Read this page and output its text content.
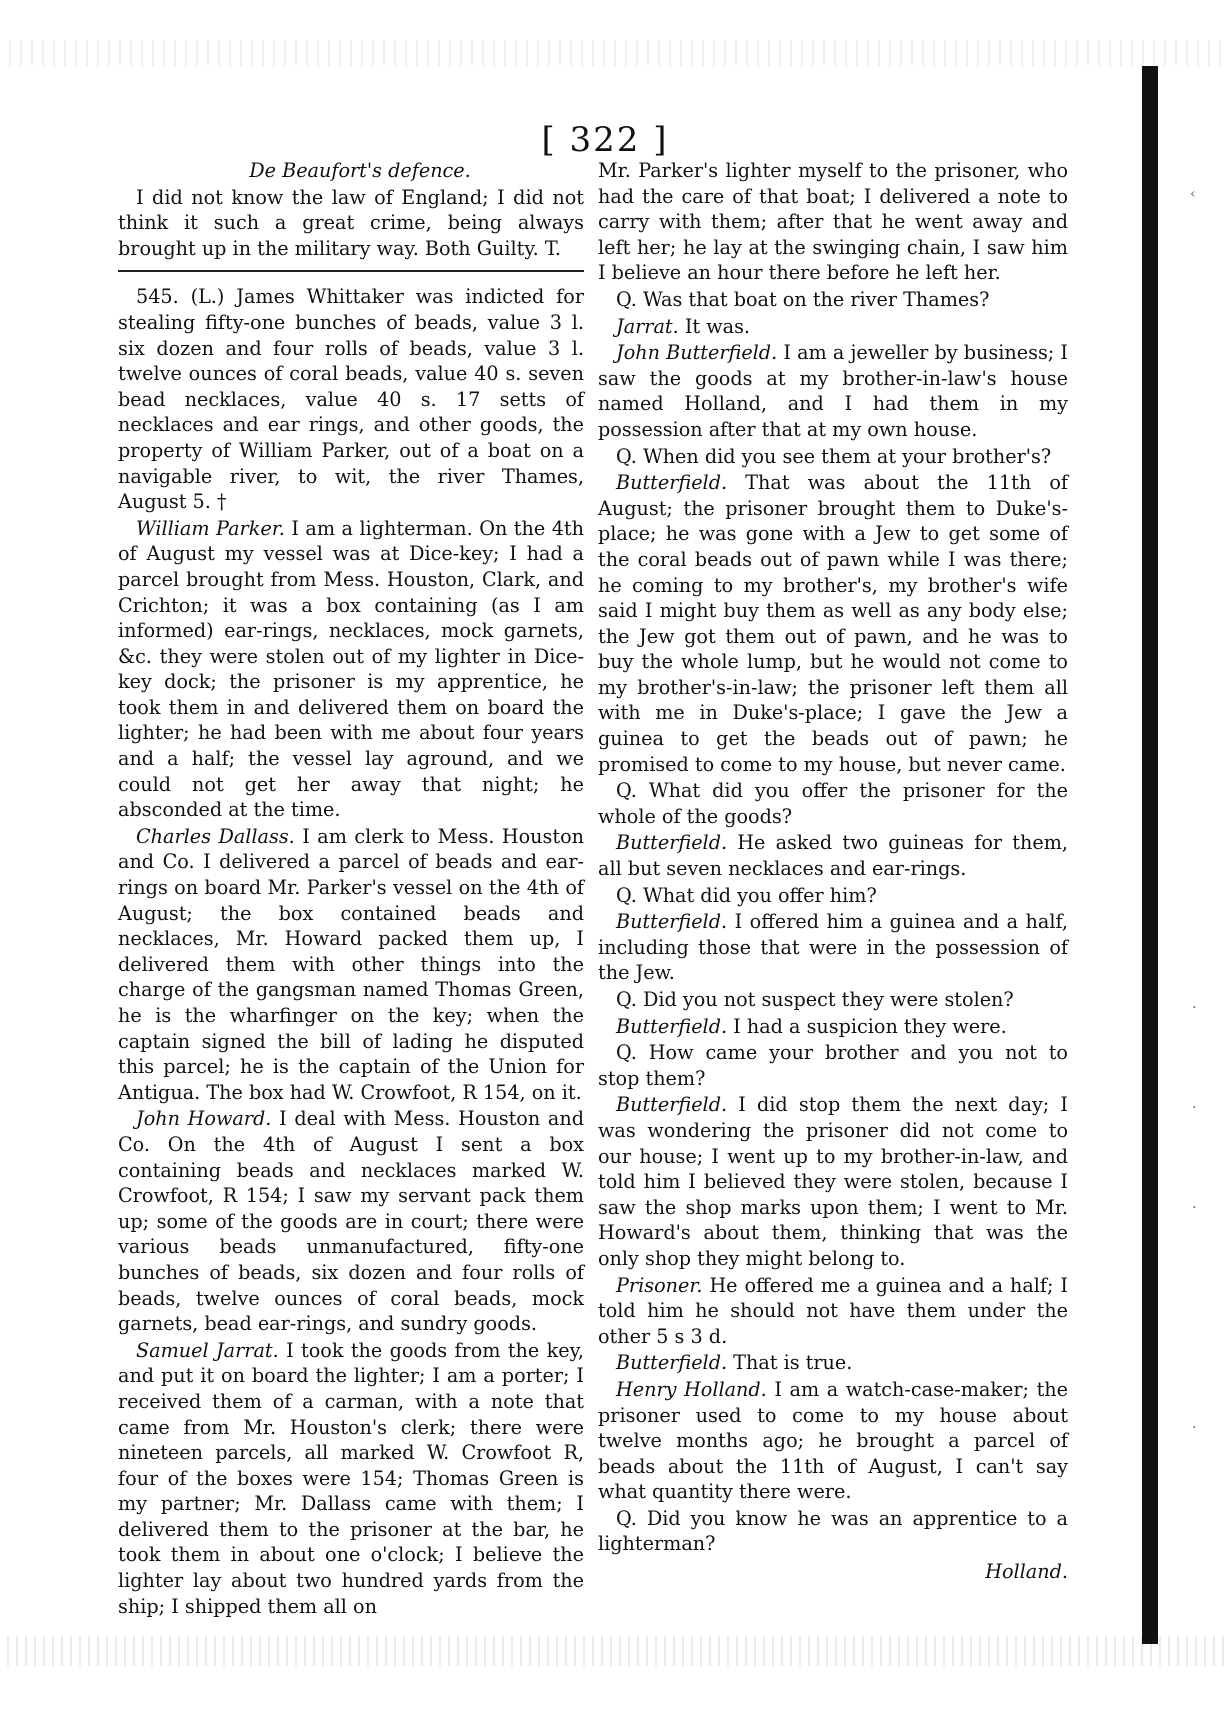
[ 322 ]

De Beaufort's defence.

I did not know the law of England; I did not think it such a great crime, being always brought up in the military way. Both Guilty. T.

545. (L.) James Whittaker was indicted for stealing fifty-one bunches of beads, value 3 l. six dozen and four rolls of beads, value 3 l. twelve ounces of coral beads, value 40 s. seven bead necklaces, value 40 s. 17 setts of necklaces and ear rings, and other goods, the property of William Parker, out of a boat on a navigable river, to wit, the river Thames, August 5. †

William Parker. I am a lighterman. On the 4th of August my vessel was at Dice-key; I had a parcel brought from Mess. Houston, Clark, and Crichton; it was a box containing (as I am informed) ear-rings, necklaces, mock garnets, &c. they were stolen out of my lighter in Dice-key dock; the prisoner is my apprentice, he took them in and delivered them on board the lighter; he had been with me about four years and a half; the vessel lay aground, and we could not get her away that night; he absconded at the time.

Charles Dallass. I am clerk to Mess. Houston and Co. I delivered a parcel of beads and ear-rings on board Mr. Parker's vessel on the 4th of August; the box contained beads and necklaces, Mr. Howard packed them up, I delivered them with other things into the charge of the gangsman named Thomas Green, he is the wharfinger on the key; when the captain signed the bill of lading he disputed this parcel; he is the captain of the Union for Antigua. The box had W. Crowfoot, R 154, on it.

John Howard. I deal with Mess. Houston and Co. On the 4th of August I sent a box containing beads and necklaces marked W. Crowfoot, R 154; I saw my servant pack them up; some of the goods are in court; there were various beads unmanufactured, fifty-one bunches of beads, six dozen and four rolls of beads, twelve ounces of coral beads, mock garnets, bead ear-rings, and sundry goods.

Samuel Jarrat. I took the goods from the key, and put it on board the lighter; I am a porter; I received them of a carman, with a note that came from Mr. Houston's clerk; there were nineteen parcels, all marked W. Crowfoot R, four of the boxes were 154; Thomas Green is my partner; Mr. Dallass came with them; I delivered them to the prisoner at the bar, he took them in about one o'clock; I believe the lighter lay about two hundred yards from the ship; I shipped them all on

Mr. Parker's lighter myself to the prisoner, who had the care of that boat; I delivered a note to carry with them; after that he went away and left her; he lay at the swinging chain, I saw him I believe an hour there before he left her.

Q. Was that boat on the river Thames?

Jarrat. It was.

John Butterfield. I am a jeweller by business; I saw the goods at my brother-in-law's house named Holland, and I had them in my possession after that at my own house.

Q. When did you see them at your brother's?

Butterfield. That was about the 11th of August; the prisoner brought them to Duke's-place; he was gone with a Jew to get some of the coral beads out of pawn while I was there; he coming to my brother's, my brother's wife said I might buy them as well as any body else; the Jew got them out of pawn, and he was to buy the whole lump, but he would not come to my brother's-in-law; the prisoner left them all with me in Duke's-place; I gave the Jew a guinea to get the beads out of pawn; he promised to come to my house, but never came.

Q. What did you offer the prisoner for the whole of the goods?

Butterfield. He asked two guineas for them, all but seven necklaces and ear-rings.

Q. What did you offer him?

Butterfield. I offered him a guinea and a half, including those that were in the possession of the Jew.

Q. Did you not suspect they were stolen?

Butterfield. I had a suspicion they were.

Q. How came your brother and you not to stop them?

Butterfield. I did stop them the next day; I was wondering the prisoner did not come to our house; I went up to my brother-in-law, and told him I believed they were stolen, because I saw the shop marks upon them; I went to Mr. Howard's about them, thinking that was the only shop they might belong to.

Prisoner. He offered me a guinea and a half; I told him he should not have them under the other 5 s 3 d.

Butterfield. That is true.

Henry Holland. I am a watch-case-maker; the prisoner used to come to my house about twelve months ago; he brought a parcel of beads about the 11th of August, I can't say what quantity there were.

Q. Did you know he was an apprentice to a lighterman?

Holland.
‹
·
·
·
·
